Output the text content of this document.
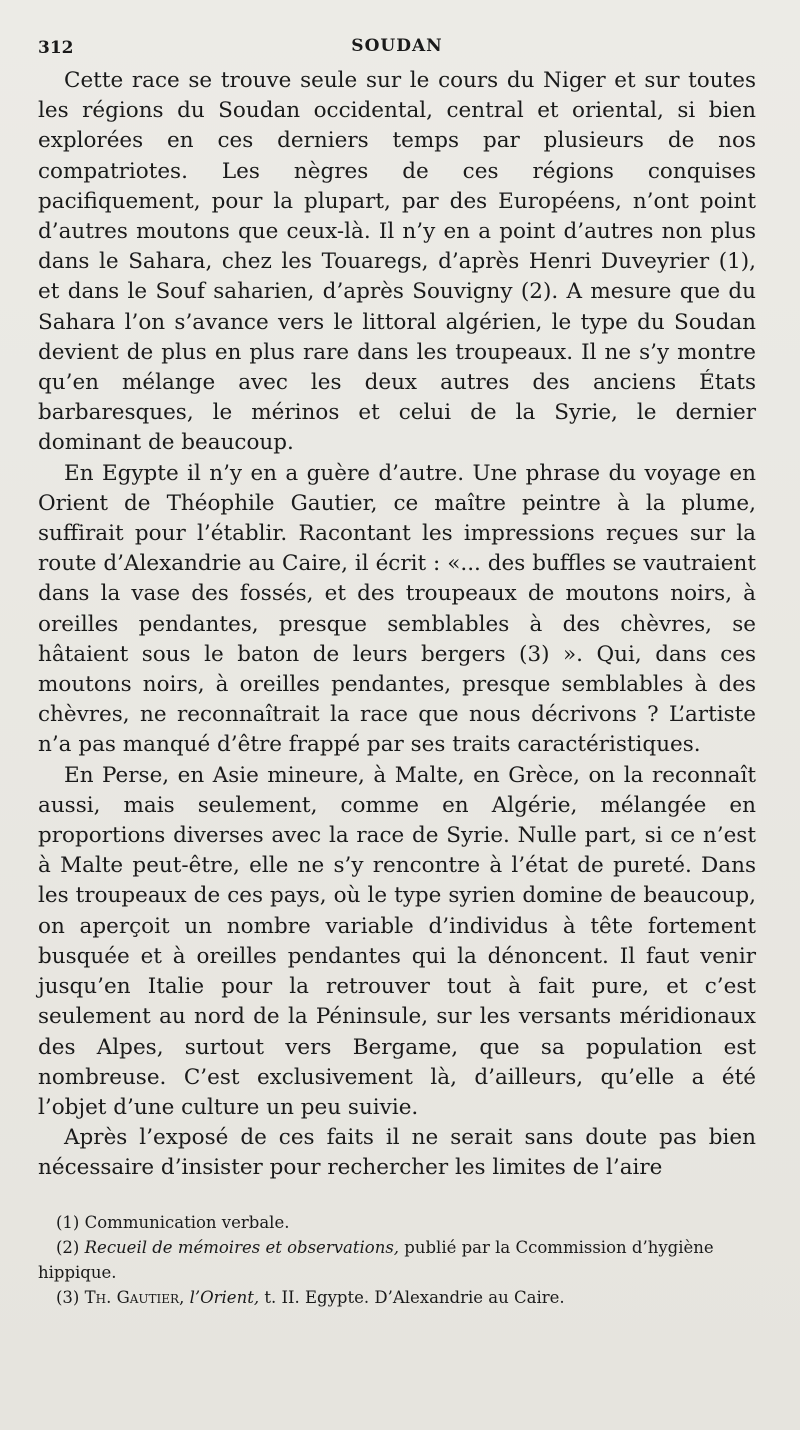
312	SOUDAN

Cette race se trouve seule sur le cours du Niger et sur toutes les régions du Soudan occidental, central et oriental, si bien explorées en ces derniers temps par plusieurs de nos compatriotes. Les nègres de ces régions conquises pacifiquement, pour la plupart, par des Européens, n’ont point d’autres moutons que ceux-là. Il n’y en a point d’autres non plus dans le Sahara, chez les Touaregs, d’après Henri Duveyrier (1), et dans le Souf saharien, d’après Souvigny (2). A mesure que du Sahara l’on s’avance vers le littoral algérien, le type du Soudan devient de plus en plus rare dans les troupeaux. Il ne s’y montre qu’en mélange avec les deux autres des anciens États barbaresques, le mérinos et celui de la Syrie, le dernier dominant de beaucoup.

En Egypte il n’y en a guère d’autre. Une phrase du voyage en Orient de Théophile Gautier, ce maître peintre à la plume, suffirait pour l’établir. Racontant les impressions reçues sur la route d’Alexandrie au Caire, il écrit : «... des buffles se vautraient dans la vase des fossés, et des troupeaux de moutons noirs, à oreilles pendantes, presque semblables à des chèvres, se hâtaient sous le baton de leurs bergers (3) ». Qui, dans ces moutons noirs, à oreilles pendantes, presque semblables à des chèvres, ne reconnaîtrait la race que nous décrivons ? L’artiste n’a pas manqué d’être frappé par ses traits caractéristiques.

En Perse, en Asie mineure, à Malte, en Grèce, on la reconnaît aussi, mais seulement, comme en Algérie, mélangée en proportions diverses avec la race de Syrie. Nulle part, si ce n’est à Malte peut-être, elle ne s’y rencontre à l’état de pureté. Dans les troupeaux de ces pays, où le type syrien domine de beaucoup, on aperçoit un nombre variable d’individus à tête fortement busquée et à oreilles pendantes qui la dénoncent. Il faut venir jusqu’en Italie pour la retrouver tout à fait pure, et c’est seulement au nord de la Péninsule, sur les versants méridionaux des Alpes, surtout vers Bergame, que sa population est nombreuse. C’est exclusivement là, d’ailleurs, qu’elle a été l’objet d’une culture un peu suivie.

Après l’exposé de ces faits il ne serait sans doute pas bien nécessaire d’insister pour rechercher les limites de l’aire

(1) Communication verbale.

(2) Recueil de mémoires et observations, publié par la Ccommission d’hygiène hippique.

(3) Th. Gautier, l’Orient, t. II. Egypte. D’Alexandrie au Caire.
